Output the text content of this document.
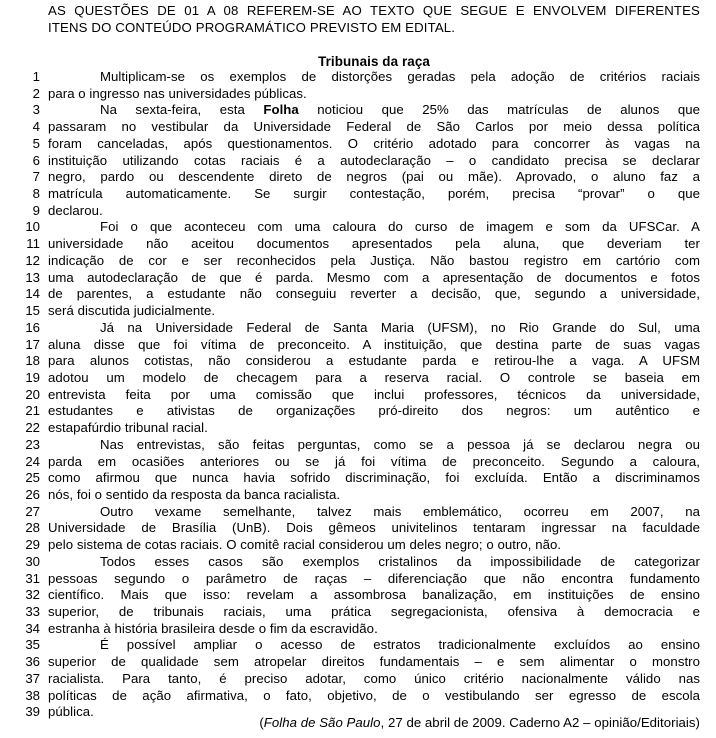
AS QUESTÕES DE 01 A 08 REFEREM-SE AO TEXTO QUE SEGUE E ENVOLVEM DIFERENTES
ITENS DO CONTEÚDO PROGRAMÁTICO PREVISTO EM EDITAL.
Tribunais da raça
1	Multiplicam-se os exemplos de distorções geradas pela adoção de critérios raciais
2 para o ingresso nas universidades públicas.
3	Na sexta-feira, esta Folha noticiou que 25% das matrículas de alunos que
4 passaram no vestibular da Universidade Federal de São Carlos por meio dessa política
5 foram canceladas, após questionamentos. O critério adotado para concorrer às vagas na
6 instituição utilizando cotas raciais é a autodeclaração – o candidato precisa se declarar
7 negro, pardo ou descendente direto de negros (pai ou mãe). Aprovado, o aluno faz a
8 matrícula automaticamente. Se surgir contestação, porém, precisa “provar” o que
9 declarou.
10	Foi o que aconteceu com uma caloura do curso de imagem e som da UFSCar. A
11 universidade não aceitou documentos apresentados pela aluna, que deveriam ter
12 indicação de cor e ser reconhecidos pela Justiça. Não bastou registro em cartório com
13 uma autodeclaração de que é parda. Mesmo com a apresentação de documentos e fotos
14 de parentes, a estudante não conseguiu reverter a decisão, que, segundo a universidade,
15 será discutida judicialmente.
16	Já na Universidade Federal de Santa Maria (UFSM), no Rio Grande do Sul, uma
17 aluna disse que foi vítima de preconceito. A instituição, que destina parte de suas vagas
18 para alunos cotistas, não considerou a estudante parda e retirou-lhe a vaga. A UFSM
19 adotou um modelo de checagem para a reserva racial. O controle se baseia em
20 entrevista feita por uma comissão que inclui professores, técnicos da universidade,
21 estudantes e ativistas de organizações pró-direito dos negros: um autêntico e
22 estapafúrdio tribunal racial.
23	Nas entrevistas, são feitas perguntas, como se a pessoa já se declarou negra ou
24 parda em ocasiões anteriores ou se já foi vítima de preconceito. Segundo a caloura,
25 como afirmou que nunca havia sofrido discriminação, foi excluída. Então a discriminamos
26 nós, foi o sentido da resposta da banca racialista.
27	Outro vexame semelhante, talvez mais emblemático, ocorreu em 2007, na
28 Universidade de Brasília (UnB). Dois gêmeos univitelinos tentaram ingressar na faculdade
29 pelo sistema de cotas raciais. O comitê racial considerou um deles negro; o outro, não.
30	Todos esses casos são exemplos cristalinos da impossibilidade de categorizar
31 pessoas segundo o parâmetro de raças – diferenciação que não encontra fundamento
32 científico. Mais que isso: revelam a assombrosa banalização, em instituições de ensino
33 superior, de tribunais raciais, uma prática segregacionista, ofensiva à democracia e
34 estranha à história brasileira desde o fim da escravidão.
35	É possível ampliar o acesso de estratos tradicionalmente excluídos ao ensino
36 superior de qualidade sem atropelar direitos fundamentais – e sem alimentar o monstro
37 racialista. Para tanto, é preciso adotar, como único critério nacionalmente válido nas
38 políticas de ação afirmativa, o fato, objetivo, de o vestibulando ser egresso de escola
39 pública.
(Folha de São Paulo, 27 de abril de 2009. Caderno A2 – opinião/Editoriais)
